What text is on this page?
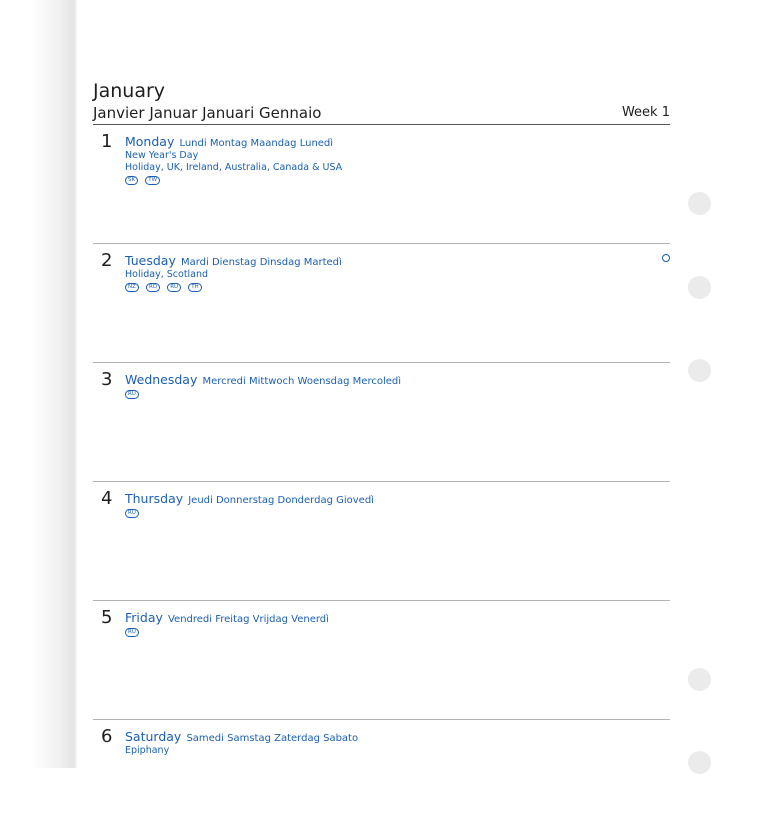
January
Janvier Januar Januari Gennaio	Week 1
1 Monday Lundi Montag Maandag Lunedì
New Year's Day
Holiday, UK, Ireland, Australia, Canada & USA
SK TW
2 Tuesday Mardi Dienstag Dinsdag Martedì
Holiday, Scotland
NZ RO RU TH
3 Wednesday Mercredi Mittwoch Woensdag Mercoledì
RU
4 Thursday Jeudi Donnerstag Donderdag Giovedì
RU
5 Friday Vendredi Freitag Vrijdag Venerdì
RU
6 Saturday Samedi Samstag Zaterdag Sabato
Epiphany
